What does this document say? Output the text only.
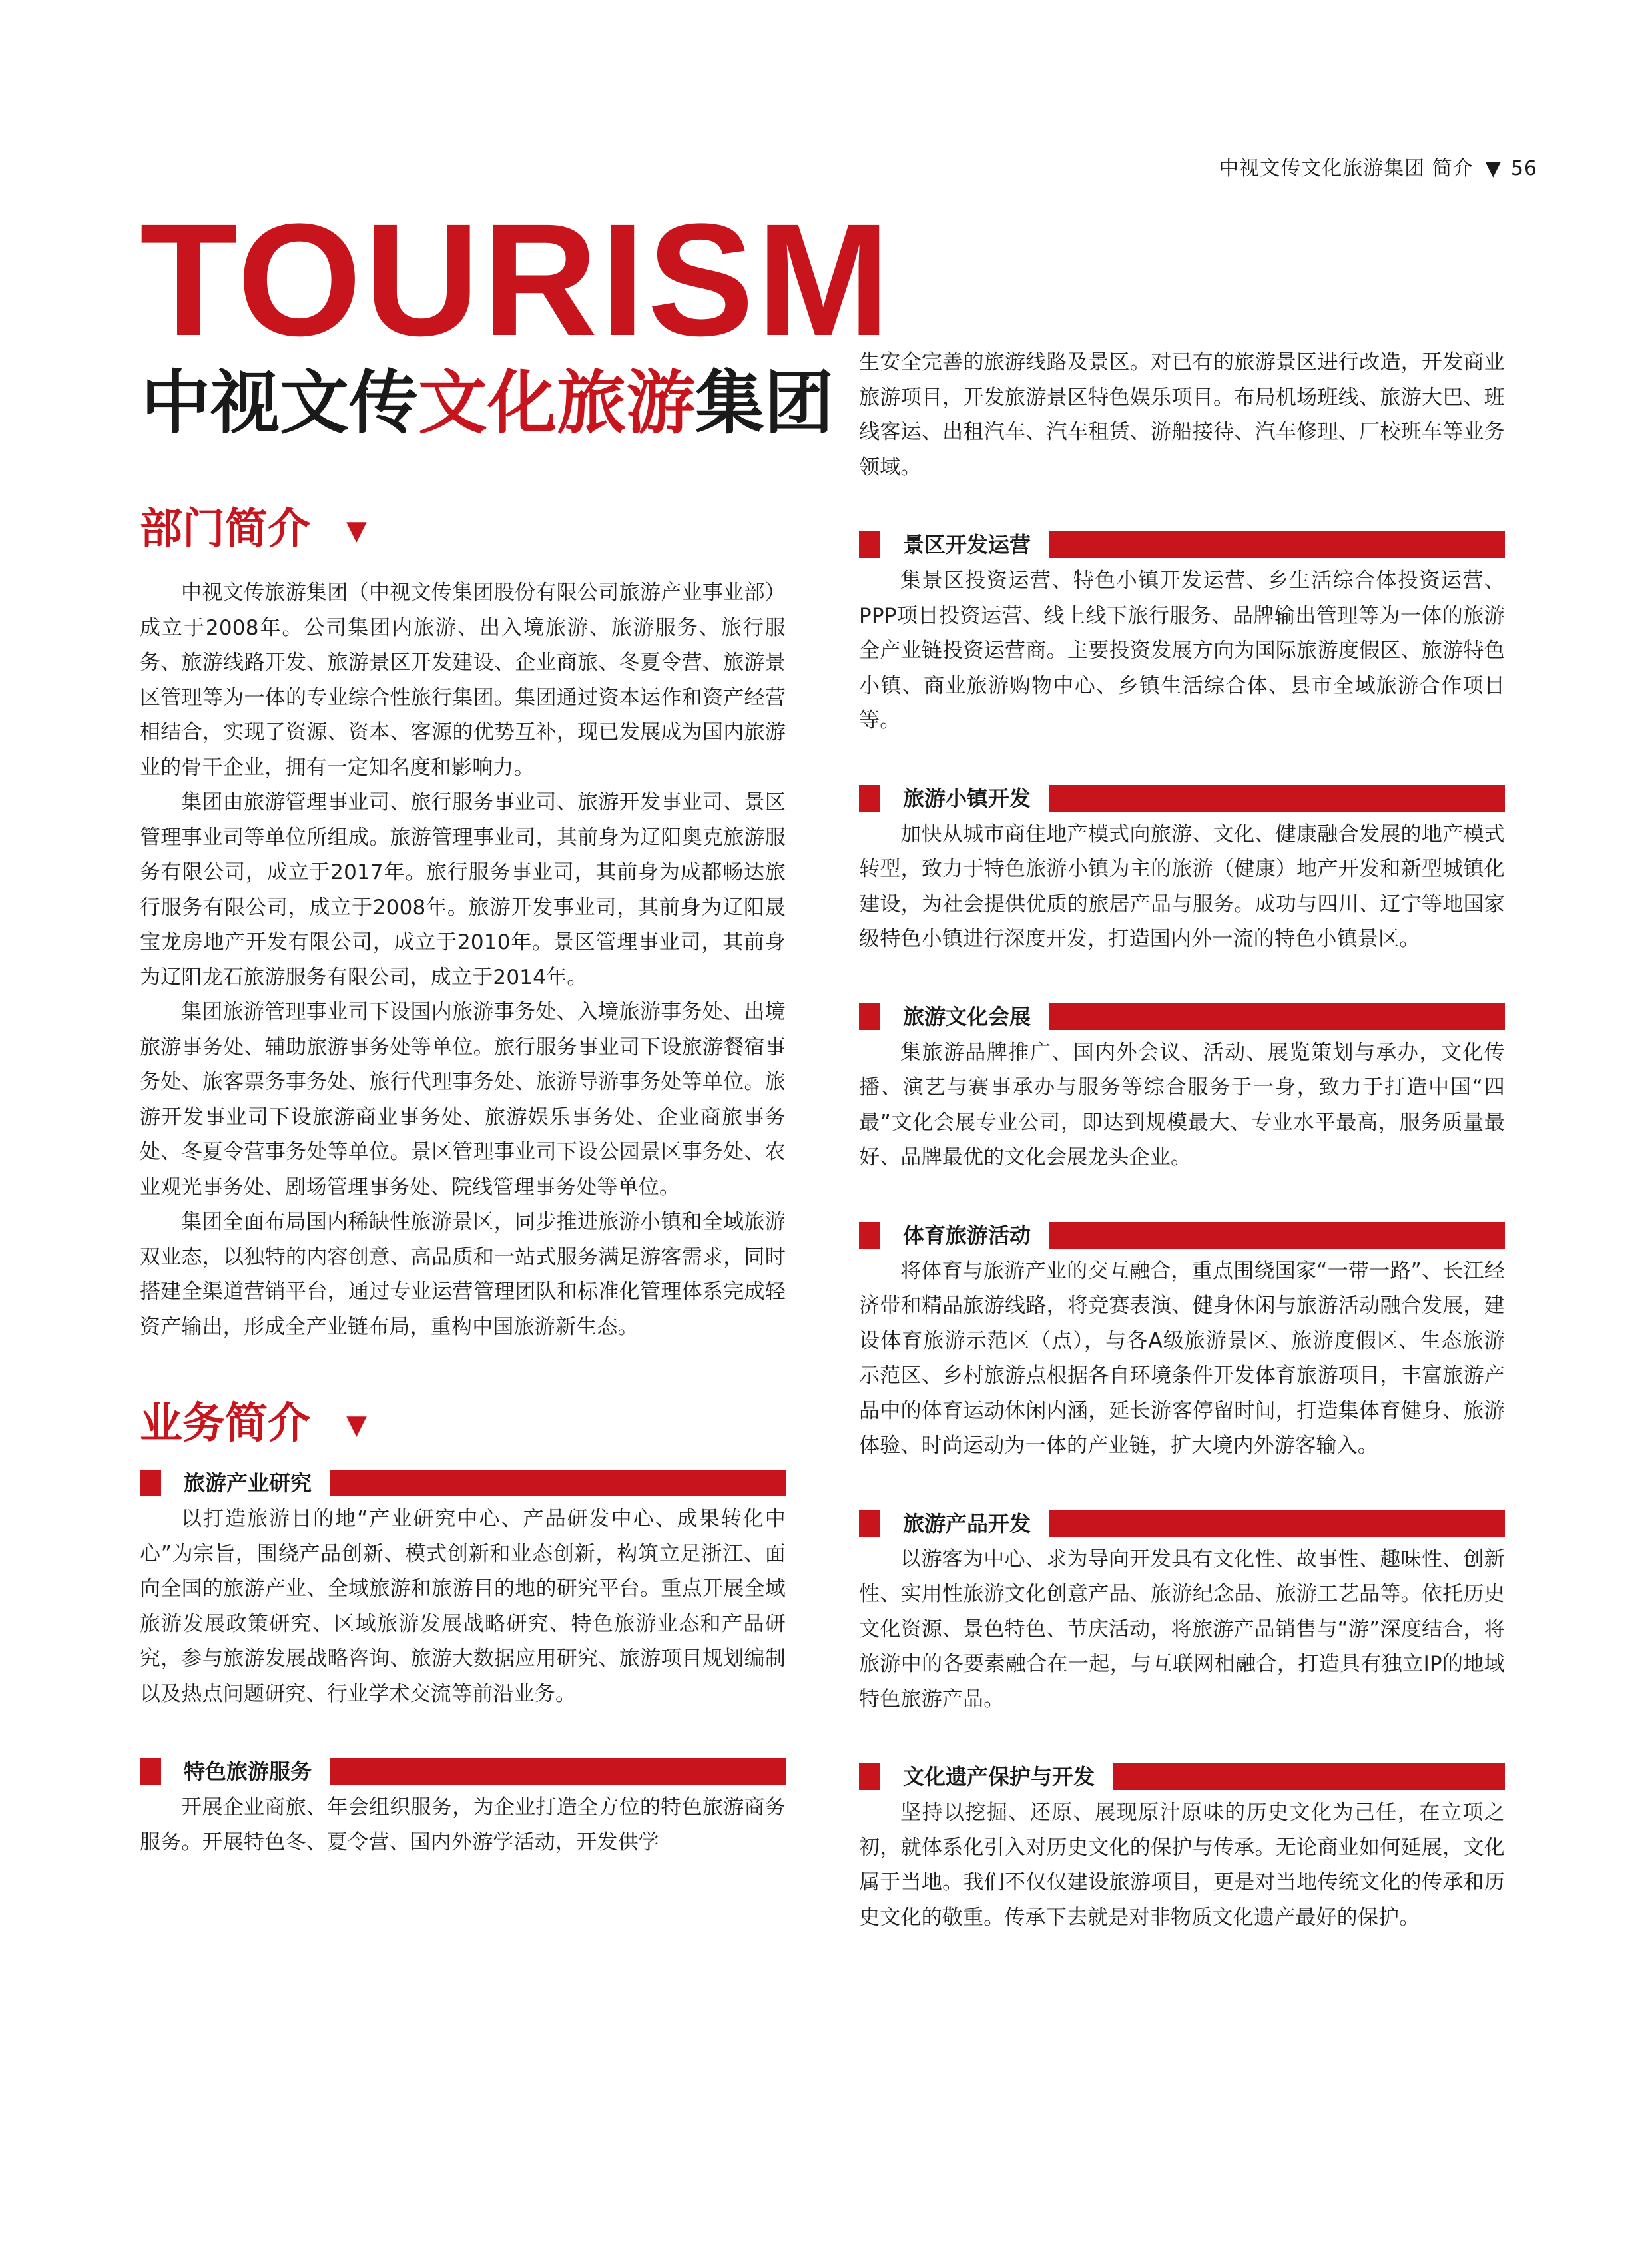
中视文传文化旅游集团 简介 ▼ 56
TOURISM
中视文传文化旅游集团
部门简介 ▼

中视文传旅游集团（中视文传集团股份有限公司旅游产业事业部）成立于2008年。公司集团内旅游、出入境旅游、旅游服务、旅行服务、旅游线路开发、旅游景区开发建设、企业商旅、冬夏令营、旅游景区管理等为一体的专业综合性旅行集团。集团通过资本运作和资产经营相结合，实现了资源、资本、客源的优势互补，现已发展成为国内旅游业的骨干企业，拥有一定知名度和影响力。

集团由旅游管理事业司、旅行服务事业司、旅游开发事业司、景区管理事业司等单位所组成。旅游管理事业司，其前身为辽阳奥克旅游服务有限公司，成立于2017年。旅行服务事业司，其前身为成都畅达旅行服务有限公司，成立于2008年。旅游开发事业司，其前身为辽阳晟宝龙房地产开发有限公司，成立于2010年。景区管理事业司，其前身为辽阳龙石旅游服务有限公司，成立于2014年。

集团旅游管理事业司下设国内旅游事务处、入境旅游事务处、出境旅游事务处、辅助旅游事务处等单位。旅行服务事业司下设旅游餐宿事务处、旅客票务事务处、旅行代理事务处、旅游导游事务处等单位。旅游开发事业司下设旅游商业事务处、旅游娱乐事务处、企业商旅事务处、冬夏令营事务处等单位。景区管理事业司下设公园景区事务处、农业观光事务处、剧场管理事务处、院线管理事务处等单位。

集团全面布局国内稀缺性旅游景区，同步推进旅游小镇和全域旅游双业态，以独特的内容创意、高品质和一站式服务满足游客需求，同时搭建全渠道营销平台，通过专业运营管理团队和标准化管理体系完成轻资产输出，形成全产业链布局，重构中国旅游新生态。

业务简介 ▼
旅游产业研究

以打造旅游目的地“产业研究中心、产品研发中心、成果转化中心”为宗旨，围绕产品创新、模式创新和业态创新，构筑立足浙江、面向全国的旅游产业、全域旅游和旅游目的地的研究平台。重点开展全域旅游发展政策研究、区域旅游发展战略研究、特色旅游业态和产品研究，参与旅游发展战略咨询、旅游大数据应用研究、旅游项目规划编制以及热点问题研究、行业学术交流等前沿业务。

特色旅游服务

开展企业商旅、年会组织服务，为企业打造全方位的特色旅游商务服务。开展特色冬、夏令营、国内外游学活动，开发供学

生安全完善的旅游线路及景区。对已有的旅游景区进行改造，开发商业旅游项目，开发旅游景区特色娱乐项目。布局机场班线、旅游大巴、班线客运、出租汽车、汽车租赁、游船接待、汽车修理、厂校班车等业务领域。

景区开发运营

集景区投资运营、特色小镇开发运营、乡生活综合体投资运营、PPP项目投资运营、线上线下旅行服务、品牌输出管理等为一体的旅游全产业链投资运营商。主要投资发展方向为国际旅游度假区、旅游特色小镇、商业旅游购物中心、乡镇生活综合体、县市全域旅游合作项目等。

旅游小镇开发

加快从城市商住地产模式向旅游、文化、健康融合发展的地产模式转型，致力于特色旅游小镇为主的旅游（健康）地产开发和新型城镇化建设，为社会提供优质的旅居产品与服务。成功与四川、辽宁等地国家级特色小镇进行深度开发，打造国内外一流的特色小镇景区。

旅游文化会展

集旅游品牌推广、国内外会议、活动、展览策划与承办，文化传播、演艺与赛事承办与服务等综合服务于一身，致力于打造中国“四最”文化会展专业公司，即达到规模最大、专业水平最高，服务质量最好、品牌最优的文化会展龙头企业。

体育旅游活动

将体育与旅游产业的交互融合，重点围绕国家“一带一路”、长江经济带和精品旅游线路，将竞赛表演、健身休闲与旅游活动融合发展，建设体育旅游示范区（点），与各A级旅游景区、旅游度假区、生态旅游示范区、乡村旅游点根据各自环境条件开发体育旅游项目，丰富旅游产品中的体育运动休闲内涵，延长游客停留时间，打造集体育健身、旅游体验、时尚运动为一体的产业链，扩大境内外游客输入。

旅游产品开发

以游客为中心、求为导向开发具有文化性、故事性、趣味性、创新性、实用性旅游文化创意产品、旅游纪念品、旅游工艺品等。依托历史文化资源、景色特色、节庆活动，将旅游产品销售与“游”深度结合，将旅游中的各要素融合在一起，与互联网相融合，打造具有独立IP的地域特色旅游产品。

文化遗产保护与开发

坚持以挖掘、还原、展现原汁原味的历史文化为己任，在立项之初，就体系化引入对历史文化的保护与传承。无论商业如何延展，文化属于当地。我们不仅仅建设旅游项目，更是对当地传统文化的传承和历史文化的敬重。传承下去就是对非物质文化遗产最好的保护。
